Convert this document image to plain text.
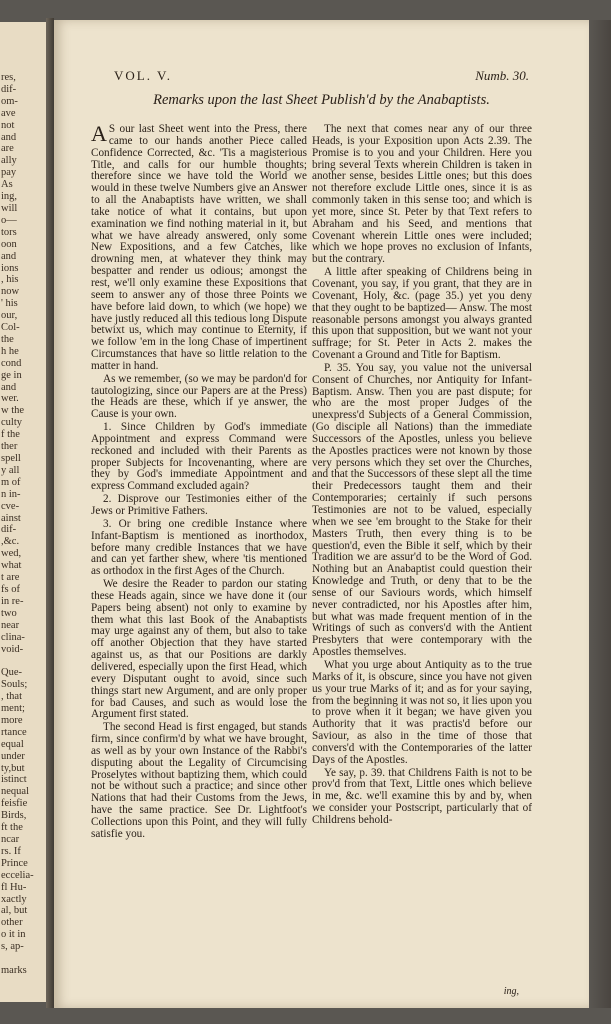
res,
dif-
om-
ave
not
and
are
ally
pay
As
ing,
will
o—
tors
oon
and
ions
, his
now
' his
our,
Col-
the
h he
cond
ge in
and
wer.
w the
culty
f the
ther
spell
y all
m of
n in-
cve-
ainst
dif-
,&c.
wed,
what
t are
fs of
in re-
two
near
clina-
void-

Que-
Souls;
, that
ment;
more
rtance
equal
under
ty,but
istinct
nequal
feisfie
Birds,
ft the
ncar
rs. If
Prince
eccelia-
fl Hu-
xactly
al, but
other
o it in
s, ap-

marks
VOL. V.	Numb. 30.
Remarks upon the last Sheet Publish'd by the Anabaptists.

AS our last Sheet went into the Press, there came to our hands another Piece called Confidence Corrected, &c. 'Tis a magisterious Title, and calls for our humble thoughts; therefore since we have told the World we would in these twelve Numbers give an Answer to all the Anabaptists have written, we shall take notice of what it contains, but upon examination we find nothing material in it, but what we have already answered, only some New Expositions, and a few Catches, like drowning men, at whatever they think may bespatter and render us odious; amongst the rest, we'll only examine these Expositions that seem to answer any of those three Points we have before laid down, to which (we hope) we have justly reduced all this tedious long Dispute betwixt us, which may continue to Eternity, if we follow 'em in the long Chase of impertinent Circumstances that have so little relation to the matter in hand.

As we remember, (so we may be pardon'd for tautologizing, since our Papers are at the Press) the Heads are these, which if ye answer, the Cause is your own.

1. Since Children by God's immediate Appointment and express Command were reckoned and included with their Parents as proper Subjects for Incovenanting, where are they by God's immediate Appointment and express Command excluded again?

2. Disprove our Testimonies either of the Jews or Primitive Fathers.

3. Or bring one credible Instance where Infant-Baptism is mentioned as inorthodox, before many credible Instances that we have and can yet farther shew, where 'tis mentioned as orthodox in the first Ages of the Church.

We desire the Reader to pardon our stating these Heads again, since we have done it (our Papers being absent) not only to examine by them what this last Book of the Anabaptists may urge against any of them, but also to take off another Objection that they have started against us, as that our Positions are darkly delivered, especially upon the first Head, which every Disputant ought to avoid, since such things start new Argument, and are only proper for bad Causes, and such as would lose the Argument first stated.

The second Head is first engaged, but stands firm, since confirm'd by what we have brought, as well as by your own Instance of the Rabbi's disputing about the Legality of Circumcising Proselytes without baptizing them, which could not be without such a practice; and since other Nations that had their Customs from the Jews, have the same practice. See Dr. Lightfoot's Collections upon this Point, and they will fully satisfie you.

The next that comes near any of our three Heads, is your Exposition upon Acts 2.39. The Promise is to you and your Children. Here you bring several Texts wherein Children is taken in another sense, besides Little ones; but this does not therefore exclude Little ones, since it is as commonly taken in this sense too; and which is yet more, since St. Peter by that Text refers to Abraham and his Seed, and mentions that Covenant wherein Little ones were included; which we hope proves no exclusion of Infants, but the contrary.

A little after speaking of Childrens being in Covenant, you say, if you grant, that they are in Covenant, Holy, &c. (page 35.) yet you deny that they ought to be baptized— Answ. The most reasonable persons amongst you always granted this upon that supposition, but we want not your suffrage; for St. Peter in Acts 2. makes the Covenant a Ground and Title for Baptism.

P. 35. You say, you value not the universal Consent of Churches, nor Antiquity for Infant-Baptism. Answ. Then you are past dispute; for who are the most proper Judges of the unexpress'd Subjects of a General Commission, (Go disciple all Nations) than the immediate Successors of the Apostles, unless you believe the Apostles practices were not known by those very persons which they set over the Churches, and that the Successors of these slept all the time their Predecessors taught them and their Contemporaries; certainly if such persons Testimonies are not to be valued, especially when we see 'em brought to the Stake for their Masters Truth, then every thing is to be question'd, even the Bible it self, which by their Tradition we are assur'd to be the Word of God. Nothing but an Anabaptist could question their Knowledge and Truth, or deny that to be the sense of our Saviours words, which himself never contradicted, nor his Apostles after him, but what was made frequent mention of in the Writings of such as convers'd with the Antient Presbyters that were contemporary with the Apostles themselves.

What you urge about Antiquity as to the true Marks of it, is obscure, since you have not given us your true Marks of it; and as for your saying, from the beginning it was not so, it lies upon you to prove when it it began; we have given you Authority that it was practis'd before our Saviour, as also in the time of those that convers'd with the Contemporaries of the latter Days of the Apostles.

Ye say, p. 39. that Childrens Faith is not to be prov'd from that Text, Little ones which believe in me, &c. we'll examine this by and by, when we consider your Postscript, particularly that of Childrens behold-

ing,
